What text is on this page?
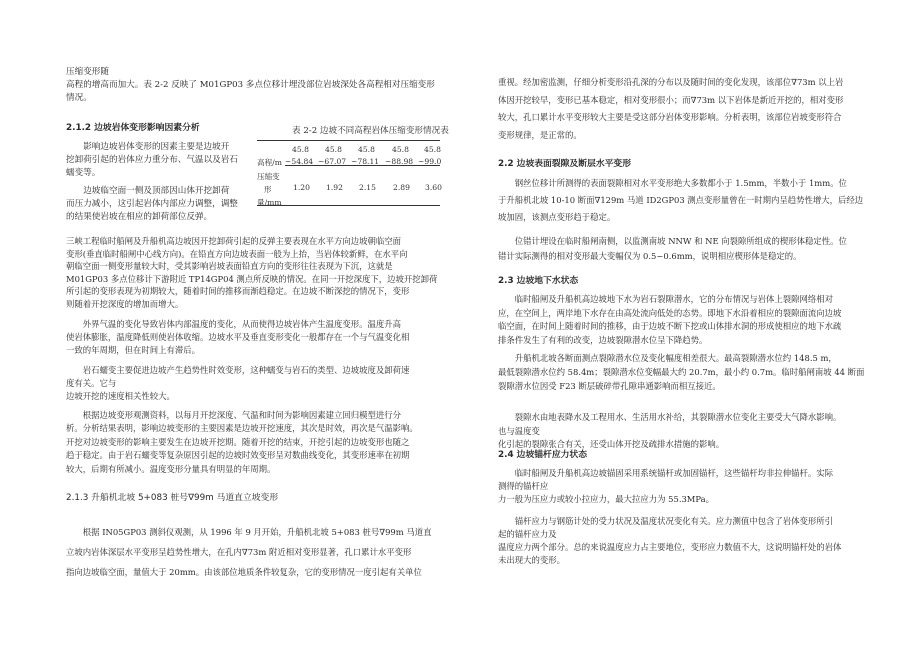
压缩变形随

高程的增高而加大。表 2-2 反映了 M01GP03 多点位移计埋没部位岩坡深处各高程相对压缩变形

情况。

2.1.2 边坡岩体变形影响因素分析

影响边坡岩体变形的因素主要是边坡开

挖卸荷引起的岩体应力重分布、气温以及岩石

蠕变等。

边坡临空面一侧及顶部因山体开挖卸荷

而压力减小，这引起岩体内部应力调整，调整

的结果使岩坡在相应的卸荷部位反弹。

表 2-2 边坡不同高程岩体压缩变形情况表
高程/m
压缩变
形
量/mm
45.8 45.8 45.8 45.8 45.8
~54.84 ~67.07 ~78.11 ~88.98 ~99.0
1.20 1.92 2.15 2.89 3.60

三峡工程临时船闸及升船机高边坡因开挖卸荷引起的反弹主要表现在水平方向边坡朝临空面

变形(垂直临时船闸中心线方向)。在铅直方向边坡表面一般为上抬，当岩体较新鲜，在水平向

朝临空面一侧变形量较大时，受其影响岩坡表面铅直方向的变形往往表现为下沉，这就是

M01GP03 多点位移计下游附近 TP14GP04 测点所反映的情况。在同一开挖深度下，边坡开挖卸荷

所引起的变形表现为初期较大，随着时间的推移而渐趋稳定。在边坡不断深挖的情况下，变形

则随着开挖深度的增加而增大。

外界气温的变化导致岩体内部温度的变化，从而使得边坡岩体产生温度变形。温度升高

使岩体膨胀，温度降低则使岩体收缩。边坡水平及垂直变形变化一般都存在一个与气温变化相

一致的年周期，但在时间上有滞后。

岩石蠕变主要促进边坡产生趋势性时效变形，这种蠕变与岩石的类型、边坡坡度及卸荷速

度有关。它与

边坡开挖的速度相关性较大。

根据边坡变形观测资料，以每月开挖深度、气温和时间为影响因素建立回归模型进行分

析。分析结果表明，影响边坡变形的主要因素是边坡开挖速度，其次是时效，再次是气温影响。

开挖对边坡变形的影响主要发生在边坡开挖期。随着开挖的结束，开挖引起的边坡变形也随之

趋于稳定。由于岩石蠕变等复杂原因引起的边坡时效变形呈对数曲线变化，其变形速率在初期

较大，后期有所减小。温度变形分量具有明显的年周期。

2.1.3 升船机北坡 5+083 桩号∇99m 马道直立坡变形

根据 IN05GP03 测斜仪观测，从 1996 年 9 月开始，升船机北坡 5+083 桩号∇99m 马道直

立坡内岩体深层水平变形呈趋势性增大，在孔内∇73m 附近相对变形显著，孔口累计水平变形

指向边坡临空面，量值大于 20mm。由该部位地质条件较复杂，它的变形情况一度引起有关单位

重视。经加密监测，仔细分析变形沿孔深的分布以及随时间的变化发现，该部位∇73m 以上岩

体因开挖较早，变形已基本稳定，相对变形很小；而∇73m 以下岩体是新近开挖的，相对变形

较大，孔口累计水平变形较大主要是受这部分岩体变形影响。分析表明，该部位岩坡变形符合

变形规律，是正常的。

2.2 边坡表面裂隙及断层水平变形

钢丝位移计所测得的表面裂隙相对水平变形绝大多数都小于 1.5mm，半数小于 1mm。位

于升船机北坡 10-10 断面∇129m 马道 ID2GP03 测点变形量曾在一时期内呈趋势性增大，后经边

坡加固，该测点变形趋于稳定。

位错计埋设在临时船闸南侧，以监测南坡 NNW 和 NE 向裂隙所组成的楔形体稳定性。位

错计实际测得的相对变形最大变幅仅为 0.5~0.6mm，说明相应楔形体是稳定的。

2.3 边坡地下水状态

临时船闸及升船机高边坡地下水为岩石裂隙潜水，它的分布情况与岩体上裂隙网络相对

应，在空间上，两岸地下水存在由高处流向低处的态势。即地下水沿着相应的裂隙面流向边坡

临空面，在时间上随着时间的推移，由于边坡不断下挖或山体排水洞的形成使相应的地下水疏

排条件发生了有利的改变，边坡裂隙潜水位呈下降趋势。

升船机北坡各断面测点裂隙潜水位及变化幅度相差很大。最高裂隙潜水位约 148.5 m，

最低裂隙潜水位约 58.4m；裂隙潜水位变幅最大约 20.7m，最小约 0.7m。临时船闸南坡 44 断面

裂隙潜水位因受 F23 断层破碎带孔隙串通影响而相互接近。

裂隙水由地表降水及工程用水、生活用水补给，其裂隙潜水位变化主要受大气降水影响。

也与温度变

化引起的裂隙张合有关，还受山体开挖及疏排水措施的影响。

2.4 边坡锚杆应力状态

临时船闸及升船机高边坡锚固采用系统锚杆或加固锚杆，这些锚杆均非拉伸锚杆。实际

测得的锚杆应

力一般为压应力或较小拉应力，最大拉应力为 55.3MPa。

锚杆应力与钢筋计处的受力状况及温度状况变化有关。应力测值中包含了岩体变形所引

起的锚杆应力及

温度应力两个部分。总的来说温度应力占主要地位，变形应力数值不大，这说明锚杆处的岩体

未出现大的变形。
